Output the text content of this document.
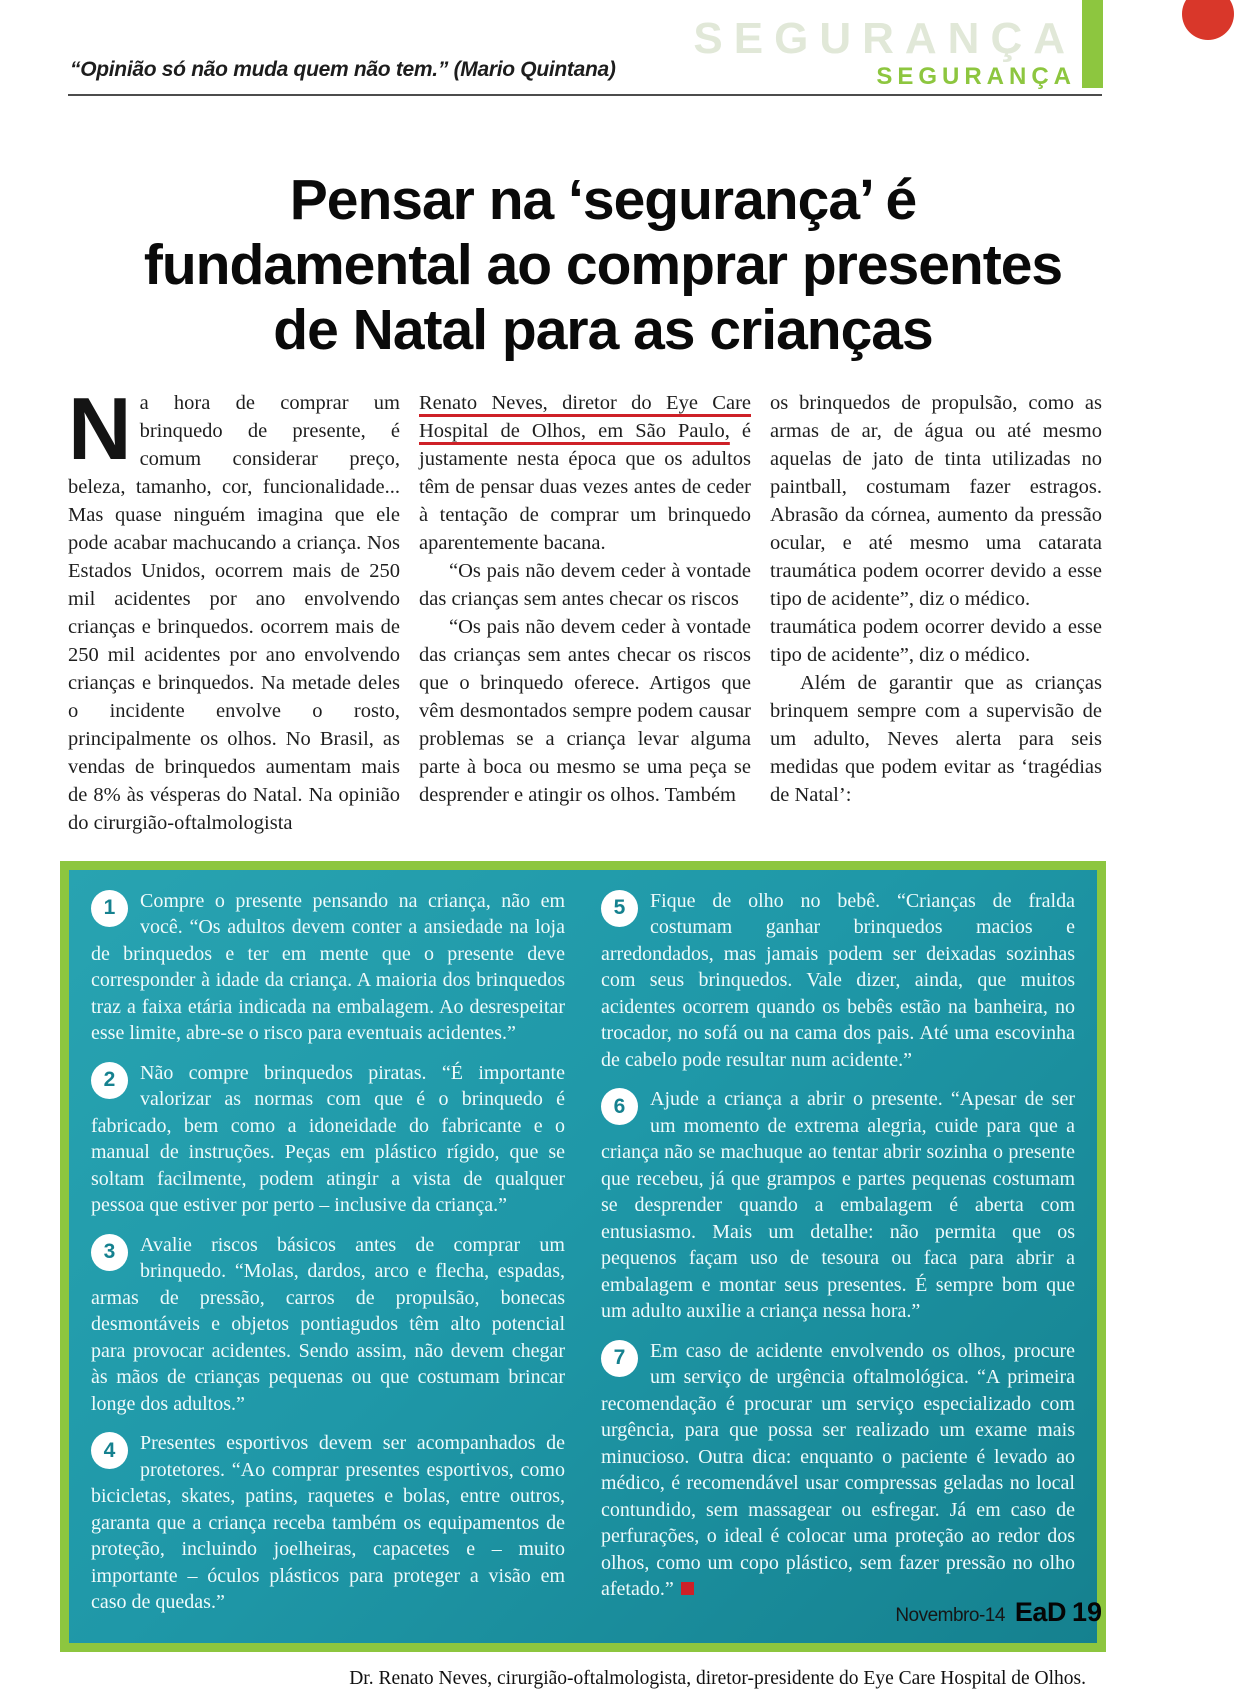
SEGURANÇA
SEGURANÇA
“Opinião só não muda quem não tem.” (Mario Quintana)
Pensar na ‘segurança’ é
fundamental ao comprar presentes
de Natal para as crianças

Na hora de comprar um brinquedo de presente, é comum considerar preço, beleza, tamanho, cor, funcionalidade... Mas quase ninguém imagina que ele pode acabar machucando a criança. Nos Estados Unidos, ocorrem mais de 250 mil acidentes por ano envolvendo crianças e brinquedos. ocorrem mais de 250 mil acidentes por ano envolvendo crianças e brinquedos. Na metade deles o incidente envolve o rosto, principalmente os olhos. No Brasil, as vendas de brinquedos aumentam mais de 8% às vésperas do Natal. Na opinião do cirurgião-oftalmologista

Renato Neves, diretor do Eye Care Hospital de Olhos, em São Paulo, é justamente nesta época que os adultos têm de pensar duas vezes antes de ceder à tentação de comprar um brinquedo aparentemente bacana.

“Os pais não devem ceder à vontade das crianças sem antes checar os riscos

“Os pais não devem ceder à vontade das crianças sem antes checar os riscos que o brinquedo oferece. Artigos que vêm desmontados sempre podem causar problemas se a criança levar alguma parte à boca ou mesmo se uma peça se desprender e atingir os olhos. Também

os brinquedos de propulsão, como as armas de ar, de água ou até mesmo aquelas de jato de tinta utilizadas no paintball, costumam fazer estragos. Abrasão da córnea, aumento da pressão ocular, e até mesmo uma catarata traumática podem ocorrer devido a esse tipo de acidente”, diz o médico.

traumática podem ocorrer devido a esse tipo de acidente”, diz o médico.

Além de garantir que as crianças brinquem sempre com a supervisão de um adulto, Neves alerta para seis medidas que podem evitar as ‘tragédias de Natal’:

1	Compre o presente pensando na criança, não em você. “Os adultos devem conter a ansiedade na loja de brinquedos e ter em mente que o presente deve corresponder à idade da criança. A maioria dos brinquedos traz a faixa etária indicada na embalagem. Ao desrespeitar esse limite, abre-se o risco para eventuais acidentes.”

2	Não compre brinquedos piratas. “É importante valorizar as normas com que é o brinquedo é fabricado, bem como a idoneidade do fabricante e o manual de instruções. Peças em plástico rígido, que se soltam facilmente, podem atingir a vista de qualquer pessoa que estiver por perto – inclusive da criança.”

3	Avalie riscos básicos antes de comprar um brinquedo. “Molas, dardos, arco e flecha, espadas, armas de pressão, carros de propulsão, bonecas desmontáveis e objetos pontiagudos têm alto potencial para provocar acidentes. Sendo assim, não devem chegar às mãos de crianças pequenas ou que costumam brincar longe dos adultos.”

4	Presentes esportivos devem ser acompanhados de protetores. “Ao comprar presentes esportivos, como bicicletas, skates, patins, raquetes e bolas, entre outros, garanta que a criança receba também os equipamentos de proteção, incluindo joelheiras, capacetes e – muito importante – óculos plásticos para proteger a visão em caso de quedas.”

5	Fique de olho no bebê. “Crianças de fralda costumam ganhar brinquedos macios e arredondados, mas jamais podem ser deixadas sozinhas com seus brinquedos. Vale dizer, ainda, que muitos acidentes ocorrem quando os bebês estão na banheira, no trocador, no sofá ou na cama dos pais. Até uma escovinha de cabelo pode resultar num acidente.”

6	Ajude a criança a abrir o presente. “Apesar de ser um momento de extrema alegria, cuide para que a criança não se machuque ao tentar abrir sozinha o presente que recebeu, já que grampos e partes pequenas costumam se desprender quando a embalagem é aberta com entusiasmo. Mais um detalhe: não permita que os pequenos façam uso de tesoura ou faca para abrir a embalagem e montar seus presentes. É sempre bom que um adulto auxilie a criança nessa hora.”

7	Em caso de acidente envolvendo os olhos, procure um serviço de urgência oftalmológica. “A primeira recomendação é procurar um serviço especializado com urgência, para que possa ser realizado um exame mais minucioso. Outra dica: enquanto o paciente é levado ao médico, é recomendável usar compressas geladas no local contundido, sem massagear ou esfregar. Já em caso de perfurações, o ideal é colocar uma proteção ao redor dos olhos, como um copo plástico, sem fazer pressão no olho afetado.”

Dr. Renato Neves, cirurgião-oftalmologista, diretor-presidente do Eye Care Hospital de Olhos.
Novembro-14 EaD 19
